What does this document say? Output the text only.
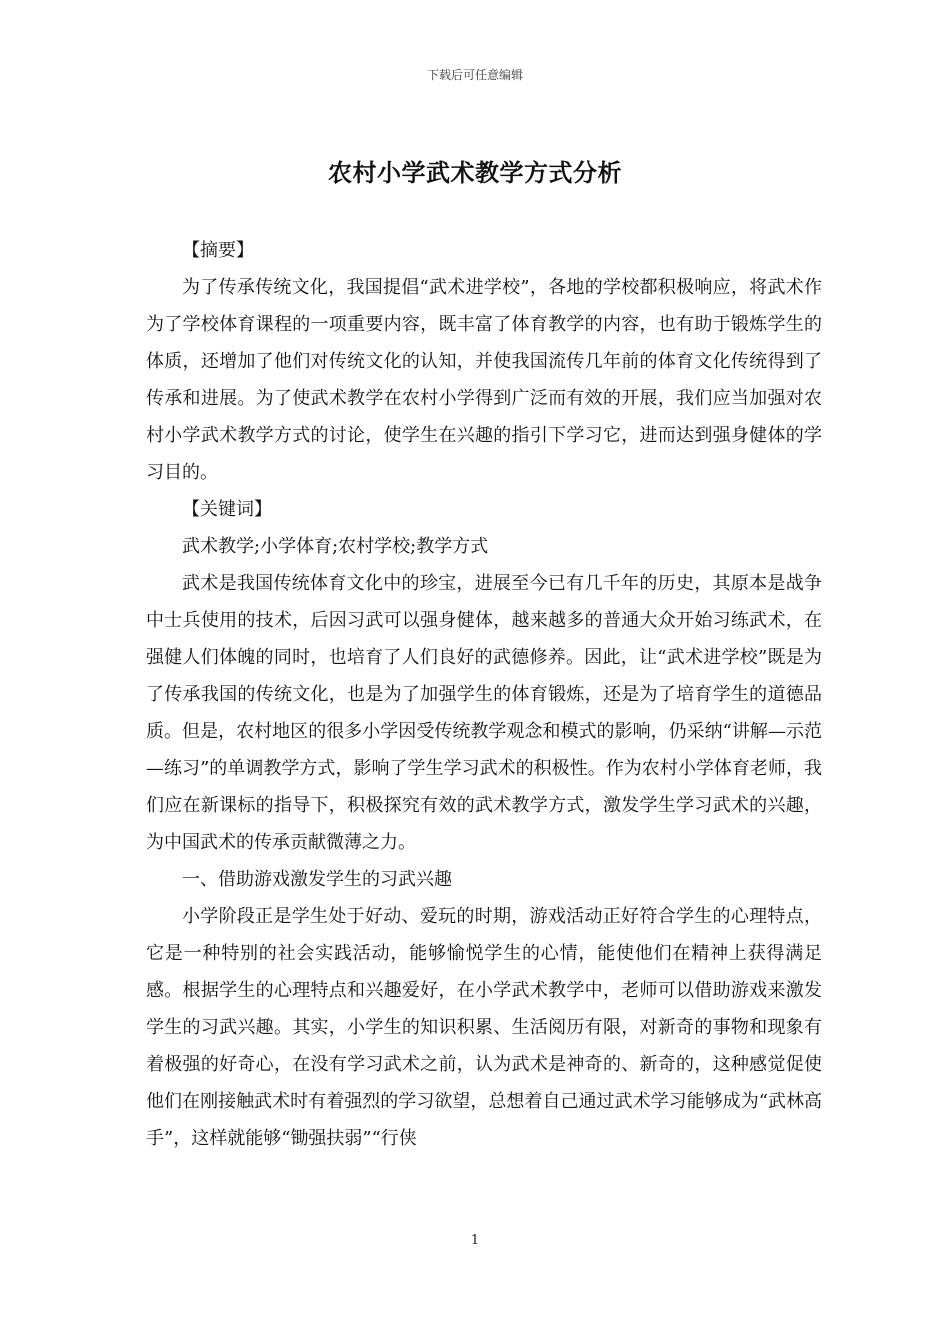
下载后可任意编辑
农村小学武术教学方式分析

【摘要】

为了传承传统文化，我国提倡“武术进学校”，各地的学校都积极响应，将武术作为了学校体育课程的一项重要内容，既丰富了体育教学的内容，也有助于锻炼学生的体质，还增加了他们对传统文化的认知，并使我国流传几年前的体育文化传统得到了传承和进展。为了使武术教学在农村小学得到广泛而有效的开展，我们应当加强对农村小学武术教学方式的讨论，使学生在兴趣的指引下学习它，进而达到强身健体的学习目的。

【关键词】

武术教学;小学体育;农村学校;教学方式

武术是我国传统体育文化中的珍宝，进展至今已有几千年的历史，其原本是战争中士兵使用的技术，后因习武可以强身健体，越来越多的普通大众开始习练武术，在强健人们体魄的同时，也培育了人们良好的武德修养。因此，让“武术进学校”既是为了传承我国的传统文化，也是为了加强学生的体育锻炼，还是为了培育学生的道德品质。但是，农村地区的很多小学因受传统教学观念和模式的影响，仍采纳“讲解—示范—练习”的单调教学方式，影响了学生学习武术的积极性。作为农村小学体育老师，我们应在新课标的指导下，积极探究有效的武术教学方式，激发学生学习武术的兴趣，为中国武术的传承贡献微薄之力。

一、借助游戏激发学生的习武兴趣

小学阶段正是学生处于好动、爱玩的时期，游戏活动正好符合学生的心理特点，它是一种特别的社会实践活动，能够愉悦学生的心情，能使他们在精神上获得满足感。根据学生的心理特点和兴趣爱好，在小学武术教学中，老师可以借助游戏来激发学生的习武兴趣。其实，小学生的知识积累、生活阅历有限，对新奇的事物和现象有着极强的好奇心，在没有学习武术之前，认为武术是神奇的、新奇的，这种感觉促使他们在刚接触武术时有着强烈的学习欲望，总想着自己通过武术学习能够成为“武林高手”，这样就能够“锄强扶弱”“行侠

1
